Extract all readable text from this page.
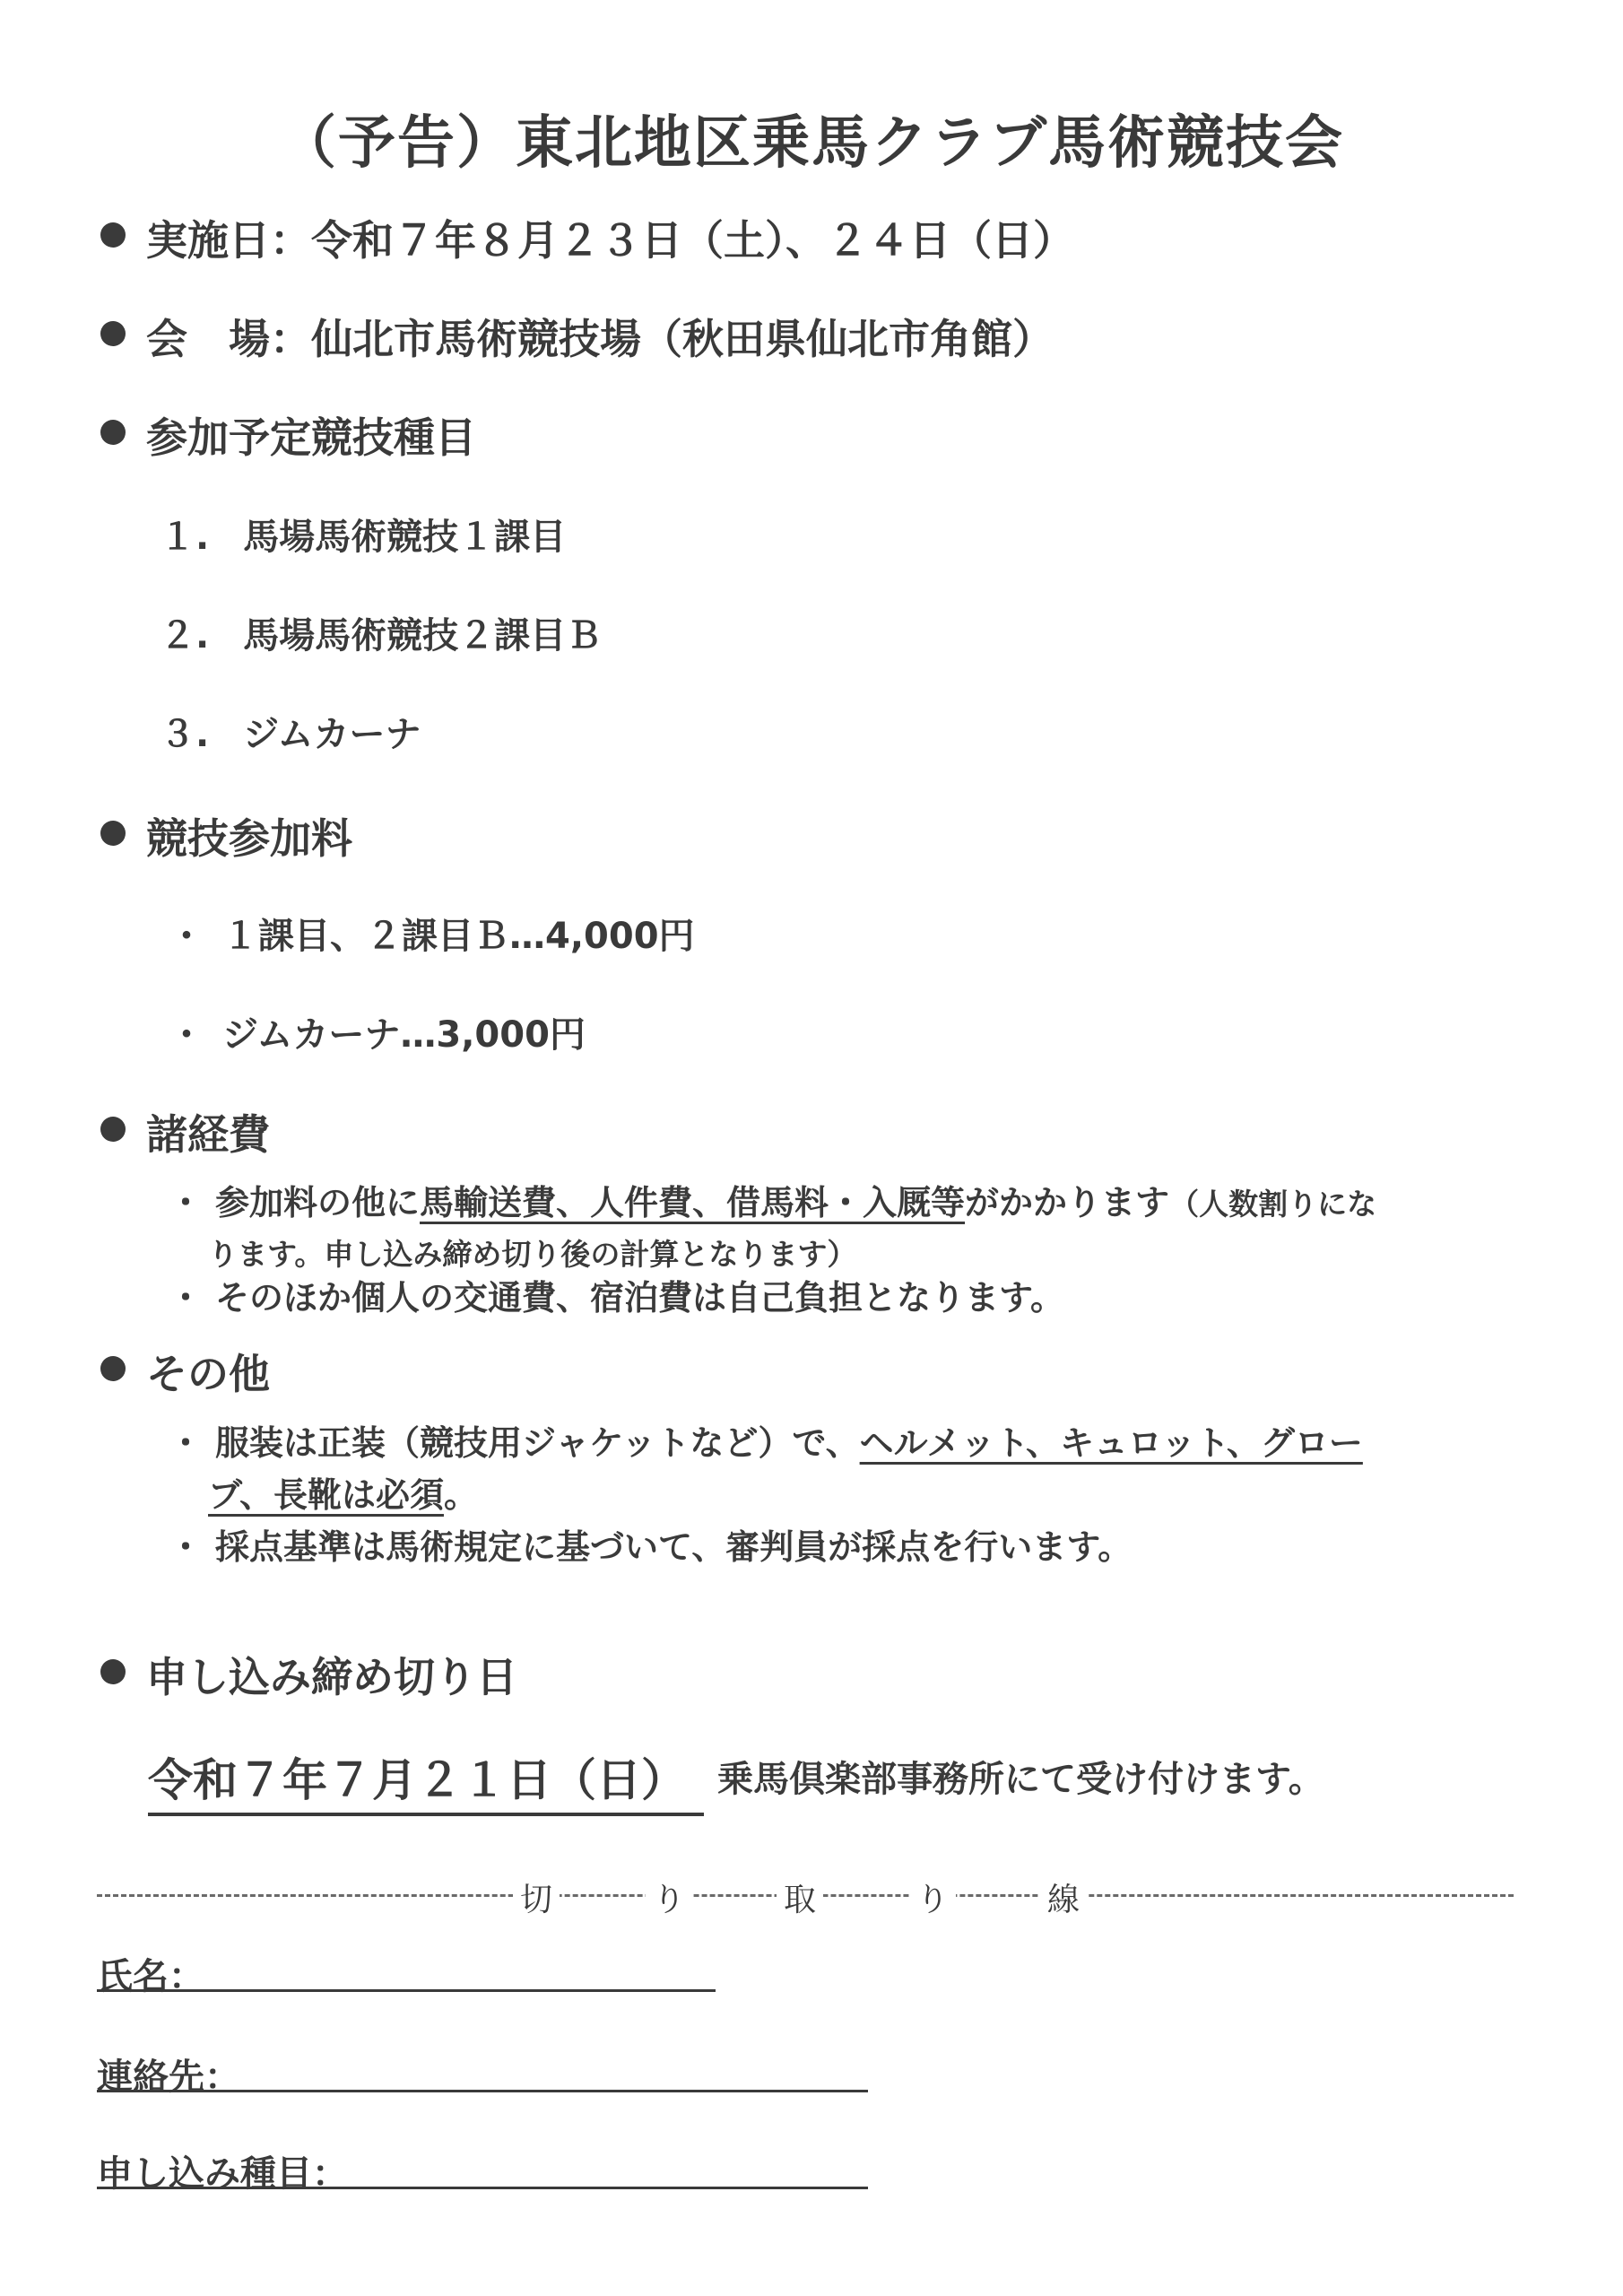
（予告）東北地区乗馬クラブ馬術競技会
実施日：令和７年８月２３日（土）、２４日（日）
会　場：仙北市馬術競技場（秋田県仙北市角館）
参加予定競技種目
１. 馬場馬術競技１課目
２. 馬場馬術競技２課目Ｂ
３. ジムカーナ
競技参加料
・ １課目、２課目Ｂ…4,000円
・ ジムカーナ…3,000円
諸経費
・ 参加料の他に馬輸送費、人件費、借馬料・入厩等がかかります（人数割りにな
ります。申し込み締め切り後の計算となります）
・ そのほか個人の交通費、宿泊費は自己負担となります。
その他
・ 服装は正装（競技用ジャケットなど）で、ヘルメット、キュロット、グロー
ブ、長靴は必須。
・ 採点基準は馬術規定に基づいて、審判員が採点を行います。
申し込み締め切り日
令和７年７月２１日（日） 乗馬倶楽部事務所にて受け付けます。
切	り	取	り	線
氏名：
連絡先：
申し込み種目：
